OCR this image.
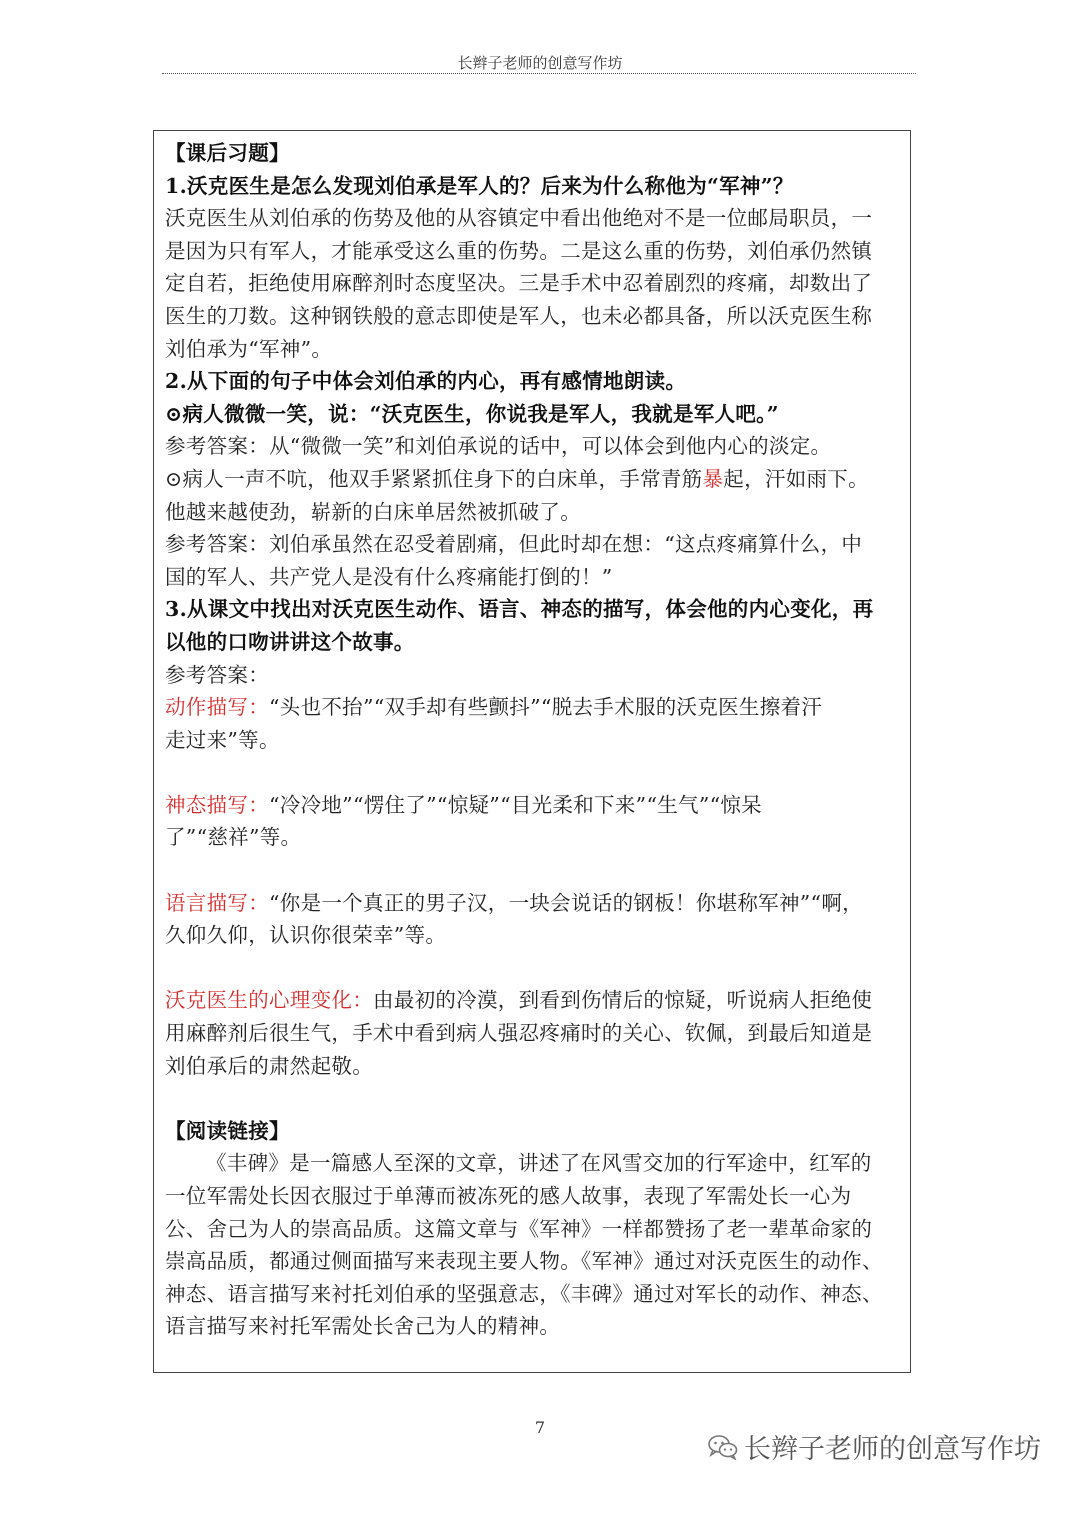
长辫子老师的创意写作坊
【课后习题】
1.沃克医生是怎么发现刘伯承是军人的？后来为什么称他为“军神”？
沃克医生从刘伯承的伤势及他的从容镇定中看出他绝对不是一位邮局职员，一
是因为只有军人，才能承受这么重的伤势。二是这么重的伤势，刘伯承仍然镇
定自若，拒绝使用麻醉剂时态度坚决。三是手术中忍着剧烈的疼痛，却数出了
医生的刀数。这种钢铁般的意志即使是军人，也未必都具备，所以沃克医生称
刘伯承为“军神”。
2.从下面的句子中体会刘伯承的内心，再有感情地朗读。
⊙病人微微一笑，说：“沃克医生，你说我是军人，我就是军人吧。”
参考答案：从“微微一笑”和刘伯承说的话中，可以体会到他内心的淡定。
⊙病人一声不吭，他双手紧紧抓住身下的白床单，手常青筋暴起，汗如雨下。
他越来越使劲，崭新的白床单居然被抓破了。
参考答案：刘伯承虽然在忍受着剧痛，但此时却在想：“这点疼痛算什么，中
国的军人、共产党人是没有什么疼痛能打倒的！”
3.从课文中找出对沃克医生动作、语言、神态的描写，体会他的内心变化，再
以他的口吻讲讲这个故事。
参考答案：
动作描写：“头也不抬”“双手却有些颤抖”“脱去手术服的沃克医生擦着汗
走过来”等。
神态描写：“冷冷地”“愣住了”“惊疑”“目光柔和下来”“生气”“惊呆
了”“慈祥”等。
语言描写：“你是一个真正的男子汉，一块会说话的钢板！你堪称军神”“啊，
久仰久仰，认识你很荣幸”等。
沃克医生的心理变化：由最初的冷漠，到看到伤情后的惊疑，听说病人拒绝使
用麻醉剂后很生气，手术中看到病人强忍疼痛时的关心、钦佩，到最后知道是
刘伯承后的肃然起敬。
【阅读链接】
《丰碑》是一篇感人至深的文章，讲述了在风雪交加的行军途中，红军的
一位军需处长因衣服过于单薄而被冻死的感人故事，表现了军需处长一心为
公、舍己为人的崇高品质。这篇文章与《军神》一样都赞扬了老一辈革命家的
崇高品质，都通过侧面描写来表现主要人物。《军神》通过对沃克医生的动作、
神态、语言描写来衬托刘伯承的坚强意志，《丰碑》通过对军长的动作、神态、
语言描写来衬托军需处长舍己为人的精神。
7
长辫子老师的创意写作坊
